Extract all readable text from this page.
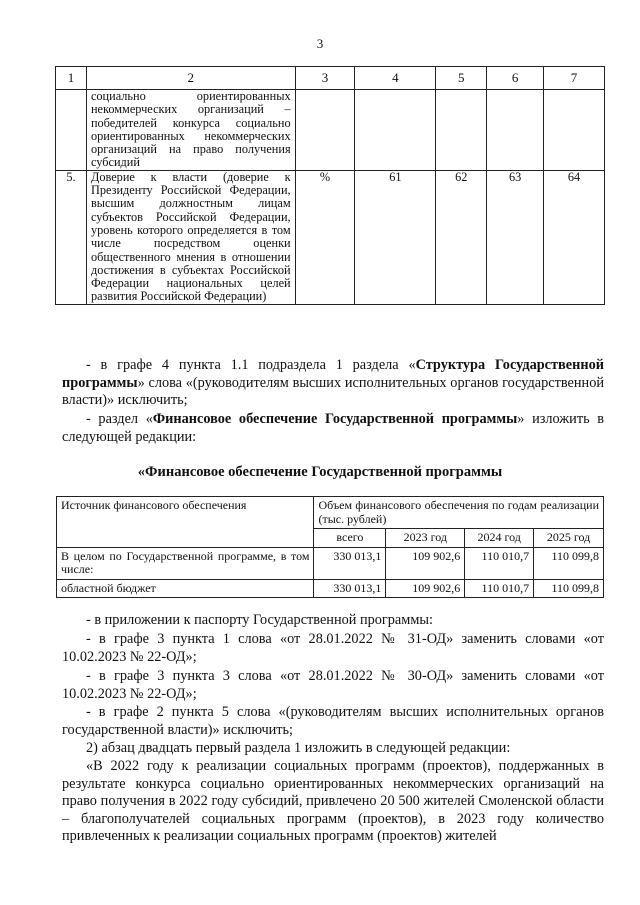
3
1	2	3	4	5	6	7
	социально ориентированных некоммерческих организаций – победителей конкурса социально ориентированных некоммерческих организаций на право получения субсидий					
5.	Доверие к власти (доверие к Президенту Российской Федерации, высшим должностным лицам субъектов Российской Федерации, уровень которого определяется в том числе посредством оценки общественного мнения в отношении достижения в субъектах Российской Федерации национальных целей развития Российской Федерации)	%	61	62	63	64

- в графе 4 пункта 1.1 подраздела 1 раздела «Структура Государственной программы» слова «(руководителям высших исполнительных органов государственной власти)» исключить;

- раздел «Финансовое обеспечение Государственной программы» изложить в следующей редакции:

«Финансовое обеспечение Государственной программы
Источник финансового обеспечения	Объем финансового обеспечения по годам реализации (тыс. рублей)			
	всего	2023 год	2024 год	2025 год
В целом по Государственной программе, в том числе:	330 013,1	109 902,6	110 010,7	110 099,8
областной бюджет	330 013,1	109 902,6	110 010,7	110 099,8

- в приложении к паспорту Государственной программы:

- в графе 3 пункта 1 слова «от 28.01.2022 № 31-ОД» заменить словами «от 10.02.2023 № 22-ОД»;

- в графе 3 пункта 3 слова «от 28.01.2022 № 30-ОД» заменить словами «от 10.02.2023 № 22-ОД»;

- в графе 2 пункта 5 слова «(руководителям высших исполнительных органов государственной власти)» исключить;

2) абзац двадцать первый раздела 1 изложить в следующей редакции:

«В 2022 году к реализации социальных программ (проектов), поддержанных в результате конкурса социально ориентированных некоммерческих организаций на право получения в 2022 году субсидий, привлечено 20 500 жителей Смоленской области – благополучателей социальных программ (проектов), в 2023 году количество привлеченных к реализации социальных программ (проектов) жителей
